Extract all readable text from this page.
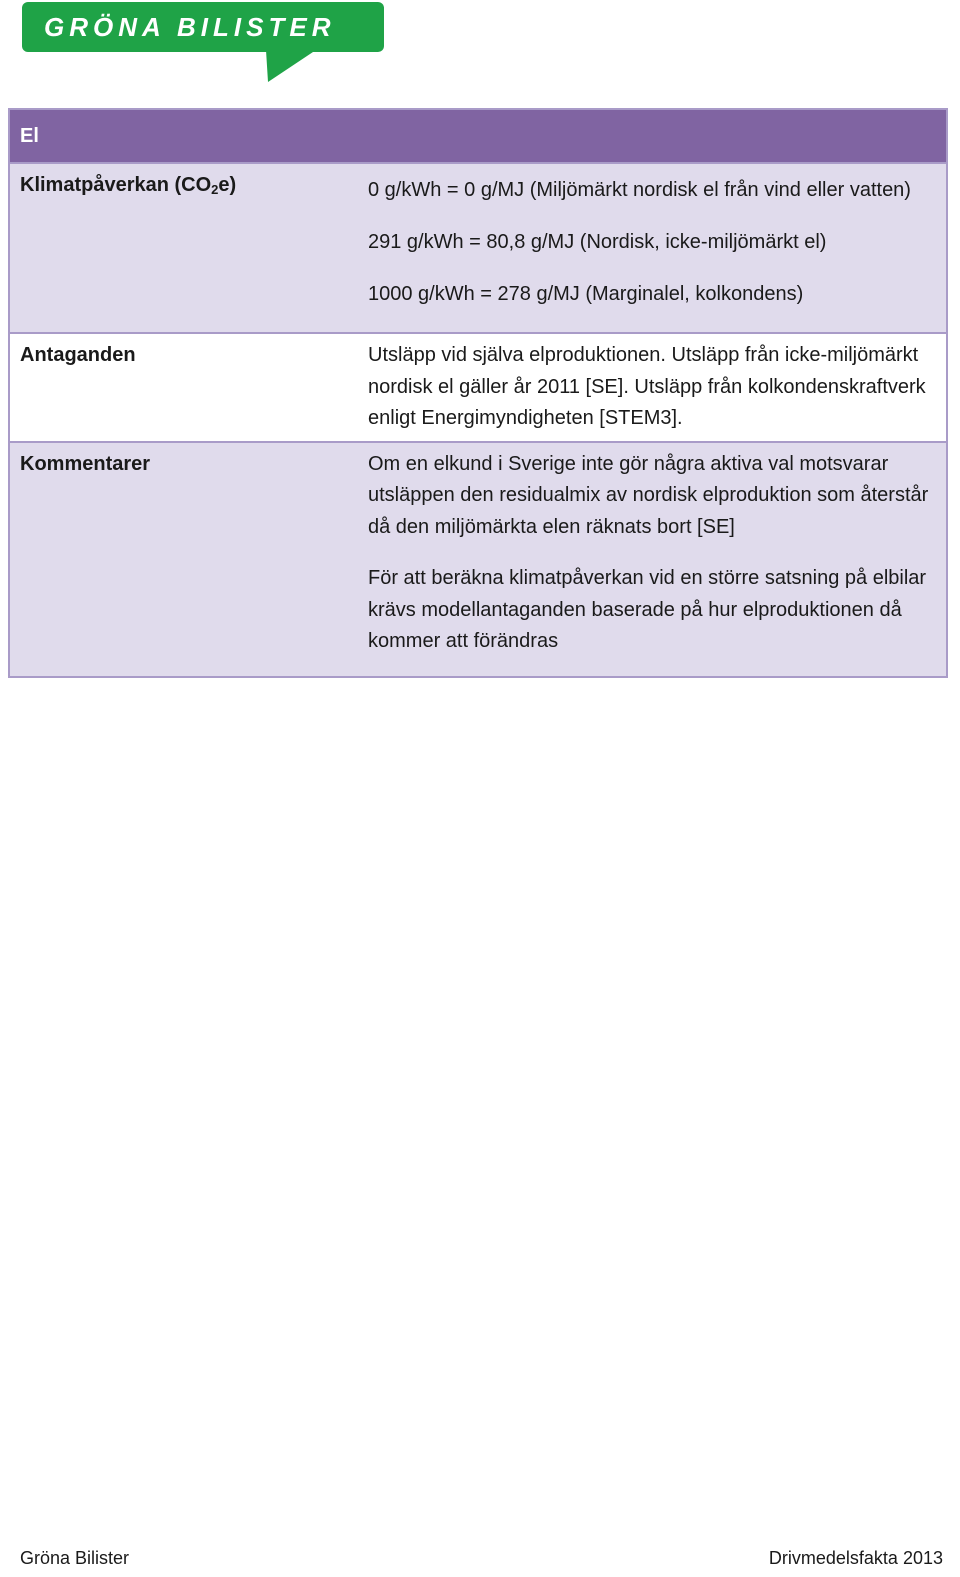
GRÖNA BILISTER
El	
Klimatpåverkan $(CO_2e)$	0 g/kWh = 0 g/MJ (Miljömärkt nordisk el från vind eller vatten)
291 g/kWh = 80,8 g/MJ (Nordisk, icke-miljömärkt el)
1000 g/kWh = 278 g/MJ (Marginalel, kolkondens)

Antaganden	Utsläpp vid själva elproduktionen. Utsläpp från icke-miljömärkt nordisk el gäller år 2011 [SE]. Utsläpp från kolkondenskraftverk enligt Energimyndigheten [STEM3].

Kommentarer	Om en elkund i Sverige inte gör några aktiva val motsvarar utsläppen den residualmix av nordisk elproduktion som återstår då den miljömärkta elen räknats bort [SE]

För att beräkna klimatpåverkan vid en större satsning på elbilar krävs modellantaganden baserade på hur elproduktionen då kommer att förändras

Gröna Bilister	Drivmedelsfakta 2013
